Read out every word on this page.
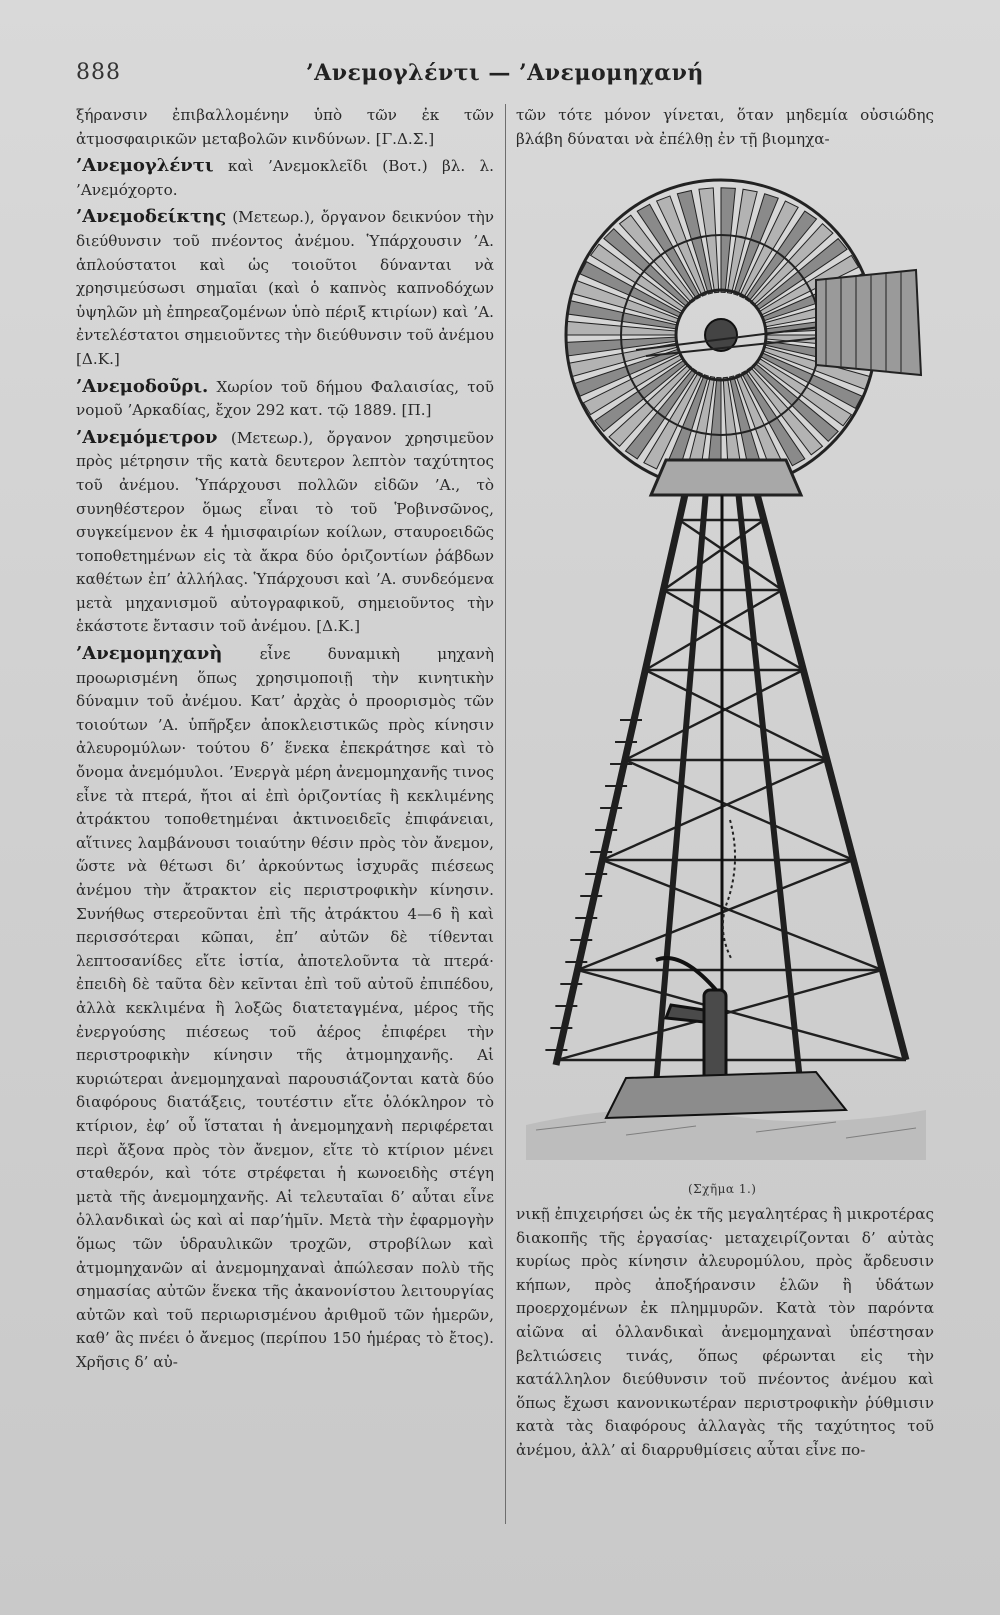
888	’Ανεμογλέντι — ’Ανεμομηχανή

ξήρανσιν ἐπιβαλλομένην ὑπὸ τῶν ἐκ τῶν ἀτμοσφαιρικῶν μεταβολῶν κινδύνων. [Γ.Δ.Σ.]

’Ανεμογλέντι καὶ ’Ανεμοκλεῖδι (Βοτ.) βλ. λ. ’Ανεμόχορτο.

’Ανεμοδείκτης (Μετεωρ.), ὄργανον δεικνύον τὴν διεύθυνσιν τοῦ πνέοντος ἀνέμου. Ὑπάρχουσιν ’Α. ἁπλούστατοι καὶ ὡς τοιοῦτοι δύνανται νὰ χρησιμεύσωσι σημαῖαι (καὶ ὁ καπνὸς καπνοδόχων ὑψηλῶν μὴ ἐπηρεαζομένων ὑπὸ πέριξ κτιρίων) καὶ ’Α. ἐντελέστατοι σημειοῦντες τὴν διεύθυνσιν τοῦ ἀνέμου [Δ.Κ.]

’Ανεμοδοῦρι. Χωρίον τοῦ δήμου Φαλαισίας, τοῦ νομοῦ ’Αρκαδίας, ἔχον 292 κατ. τῷ 1889. [Π.]

’Ανεμόμετρον (Μετεωρ.), ὄργανον χρησιμεῦον πρὸς μέτρησιν τῆς κατὰ δευτερον λεπτὸν ταχύτητος τοῦ ἀνέμου. Ὑπάρχουσι πολλῶν εἰδῶν ’Α., τὸ συνηθέστερον ὅμως εἶναι τὸ τοῦ Ῥοβινσῶνος, συγκείμενον ἐκ 4 ἡμισφαιρίων κοίλων, σταυροειδῶς τοποθετημένων εἰς τὰ ἄκρα δύο ὁριζοντίων ῥάβδων καθέτων ἐπ’ ἀλλήλας. Ὑπάρχουσι καὶ ’Α. συνδεόμενα μετὰ μηχανισμοῦ αὐτογραφικοῦ, σημειοῦντος τὴν ἑκάστοτε ἔντασιν τοῦ ἀνέμου. [Δ.Κ.]

’Ανεμομηχανὴ εἶνε δυναμικὴ μηχανὴ προωρισμένη ὅπως χρησιμοποιῇ τὴν κινητικὴν δύναμιν τοῦ ἀνέμου. Κατ’ ἀρχὰς ὁ προορισμὸς τῶν τοιούτων ’Α. ὑπῆρξεν ἀποκλειστικῶς πρὸς κίνησιν ἀλευρομύλων· τούτου δ’ ἕνεκα ἐπεκράτησε καὶ τὸ ὄνομα ἀνεμόμυλοι. ’Ενεργὰ μέρη ἀνεμομηχανῆς τινος εἶνε τὰ πτερά, ἤτοι αἱ ἐπὶ ὁριζοντίας ἢ κεκλιμένης ἀτράκτου τοποθετημέναι ἀκτινοειδεῖς ἐπιφάνειαι, αἵτινες λαμβάνουσι τοιαύτην θέσιν πρὸς τὸν ἄνεμον, ὥστε νὰ θέτωσι δι’ ἀρκούντως ἰσχυρᾶς πιέσεως ἀνέμου τὴν ἄτρακτον εἰς περιστροφικὴν κίνησιν. Συνήθως στερεοῦνται ἐπὶ τῆς ἀτράκτου 4—6 ἢ καὶ περισσότεραι κῶπαι, ἐπ’ αὐτῶν δὲ τίθενται λεπτοσανίδες εἴτε ἱστία, ἀποτελοῦντα τὰ πτερά· ἐπειδὴ δὲ ταῦτα δὲν κεῖνται ἐπὶ τοῦ αὐτοῦ ἐπιπέδου, ἀλλὰ κεκλιμένα ἢ λοξῶς διατεταγμένα, μέρος τῆς ἐνεργούσης πιέσεως τοῦ ἀέρος ἐπιφέρει τὴν περιστροφικὴν κίνησιν τῆς ἀτμομηχανῆς. Αἱ κυριώτεραι ἀνεμομηχαναὶ παρουσιάζονται κατὰ δύο διαφόρους διατάξεις, τουτέστιν εἴτε ὁλόκληρον τὸ κτίριον, ἐφ’ οὗ ἵσταται ἡ ἀνεμομηχανὴ περιφέρεται περὶ ἄξονα πρὸς τὸν ἄνεμον, εἴτε τὸ κτίριον μένει σταθερόν, καὶ τότε στρέφεται ἡ κωνοειδὴς στέγη μετὰ τῆς ἀνεμομηχανῆς. Αἱ τελευταῖαι δ’ αὗται εἶνε ὁλλανδικαὶ ὡς καὶ αἱ παρ’ἡμῖν. Μετὰ τὴν ἐφαρμογὴν ὅμως τῶν ὑδραυλικῶν τροχῶν, στροβίλων καὶ ἀτμομηχανῶν αἱ ἀνεμομηχαναὶ ἀπώλεσαν πολὺ τῆς σημασίας αὐτῶν ἕνεκα τῆς ἀκανονίστου λειτουργίας αὐτῶν καὶ τοῦ περιωρισμένου ἀριθμοῦ τῶν ἡμερῶν, καθ’ ἃς πνέει ὁ ἄνεμος (περίπου 150 ἡμέρας τὸ ἔτος). Χρῆσις δ’ αὐ-

τῶν τότε μόνον γίνεται, ὅταν μηδεμία οὐσιώδης βλάβη δύναται νὰ ἐπέλθῃ ἐν τῇ βιομηχα-

(Σχῆμα 1.)

νικῇ ἐπιχειρήσει ὡς ἐκ τῆς μεγαλητέρας ἢ μικροτέρας διακοπῆς τῆς ἐργασίας· μεταχειρίζονται δ’ αὐτὰς κυρίως πρὸς κίνησιν ἀλευρομύλου, πρὸς ἄρδευσιν κήπων, πρὸς ἀποξήρανσιν ἑλῶν ἢ ὑδάτων προερχομένων ἐκ πλημμυρῶν. Κατὰ τὸν παρόντα αἰῶνα αἱ ὁλλανδικαὶ ἀνεμομηχαναὶ ὑπέστησαν βελτιώσεις τινάς, ὅπως φέρωνται εἰς τὴν κατάλληλον διεύθυνσιν τοῦ πνέοντος ἀνέμου καὶ ὅπως ἔχωσι κανονικωτέραν περιστροφικὴν ῥύθμισιν κατὰ τὰς διαφόρους ἀλλαγὰς τῆς ταχύτητος τοῦ ἀνέμου, ἀλλ’ αἱ διαρρυθμίσεις αὗται εἶνε πο-
